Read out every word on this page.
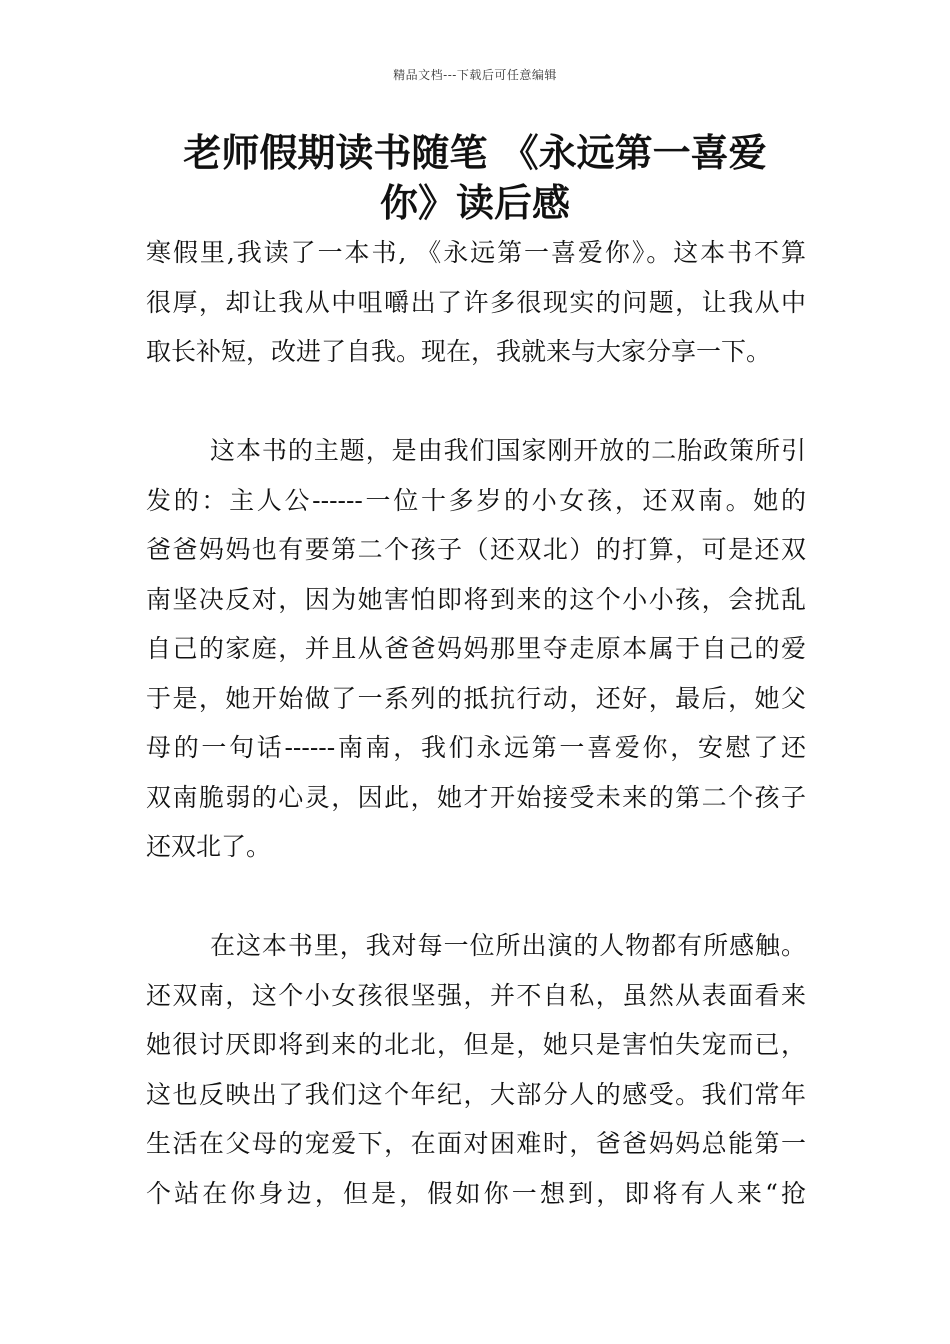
精品文档---下载后可任意编辑
老师假期读书随笔 《永远第一喜爱
你》读后感
寒假里,我读了一本书, 《永远第一喜爱你》。这本书不算
很厚，却让我从中咀嚼出了许多很现实的问题，让我从中
取长补短，改进了自我。现在，我就来与大家分享一下。
这本书的主题，是由我们国家刚开放的二胎政策所引
发的：主人公------一位十多岁的小女孩，还双南。她的
爸爸妈妈也有要第二个孩子（还双北）的打算，可是还双
南坚决反对，因为她害怕即将到来的这个小小孩，会扰乱
自己的家庭，并且从爸爸妈妈那里夺走原本属于自己的爱
于是，她开始做了一系列的抵抗行动，还好，最后，她父
母的一句话------南南，我们永远第一喜爱你，安慰了还
双南脆弱的心灵，因此，她才开始接受未来的第二个孩子
还双北了。
在这本书里，我对每一位所出演的人物都有所感触。
还双南，这个小女孩很坚强，并不自私，虽然从表面看来
她很讨厌即将到来的北北，但是，她只是害怕失宠而已，
这也反映出了我们这个年纪，大部分人的感受。我们常年
生活在父母的宠爱下，在面对困难时，爸爸妈妈总能第一
个站在你身边，但是，假如你一想到，即将有人来“抢
